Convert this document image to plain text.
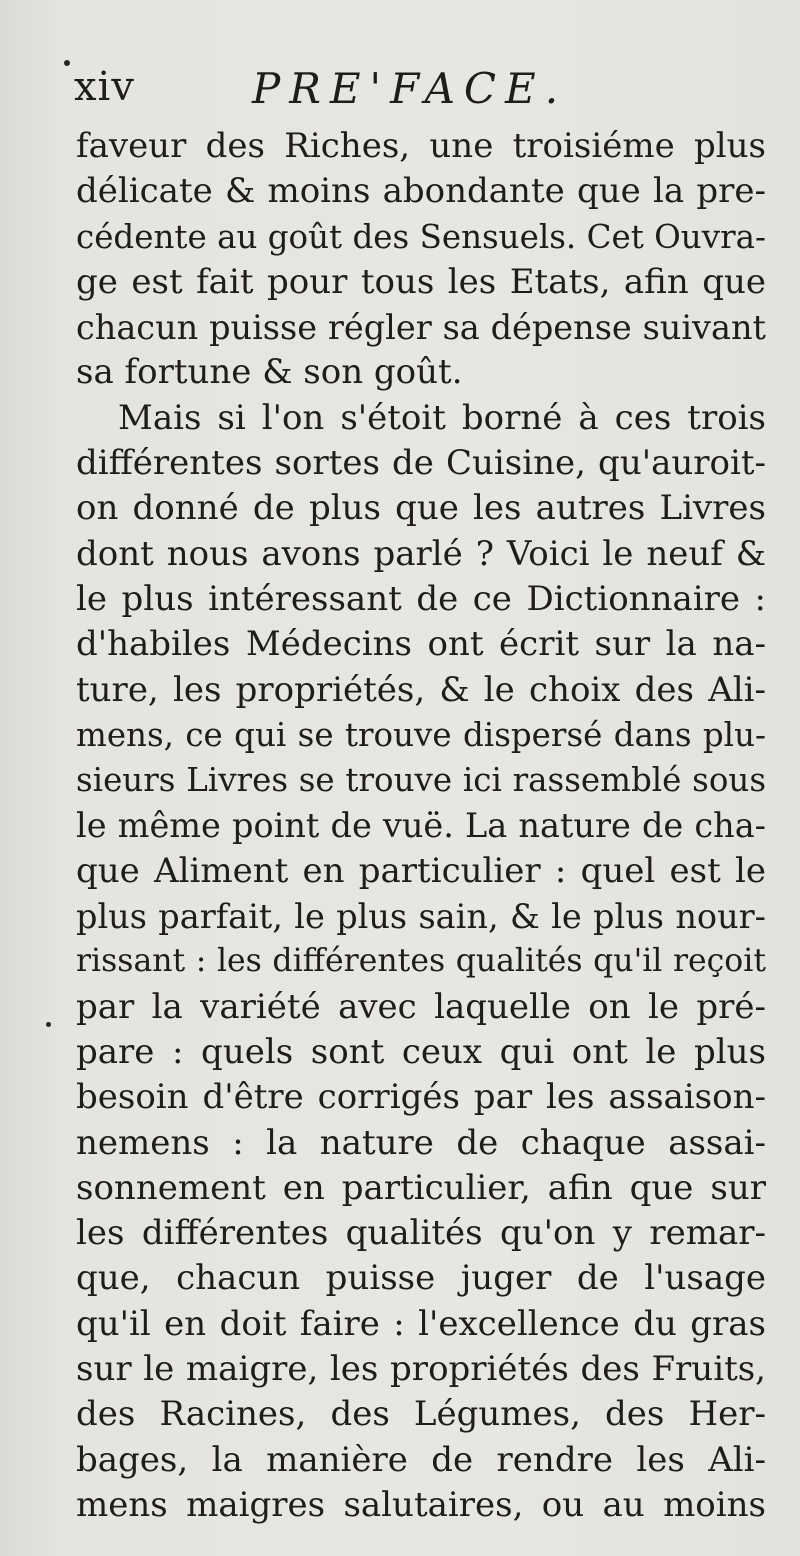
xiv	PRE'FACE.
faveur des Riches, une troisiéme plus
délicate & moins abondante que la pre-
cédente au goût des Sensuels. Cet Ouvra-
ge est fait pour tous les Etats, afin que
chacun puisse régler sa dépense suivant
sa fortune & son goût.
Mais si l'on s'étoit borné à ces trois
différentes sortes de Cuisine, qu'auroit-
on donné de plus que les autres Livres
dont nous avons parlé ? Voici le neuf &
le plus intéressant de ce Dictionnaire :
d'habiles Médecins ont écrit sur la na-
ture, les propriétés, & le choix des Ali-
mens, ce qui se trouve dispersé dans plu-
sieurs Livres se trouve ici rassemblé sous
le même point de vuë. La nature de cha-
que Aliment en particulier : quel est le
plus parfait, le plus sain, & le plus nour-
rissant : les différentes qualités qu'il reçoit
par la variété avec laquelle on le pré-
pare : quels sont ceux qui ont le plus
besoin d'être corrigés par les assaison-
nemens : la nature de chaque assai-
sonnement en particulier, afin que sur
les différentes qualités qu'on y remar-
que, chacun puisse juger de l'usage
qu'il en doit faire : l'excellence du gras
sur le maigre, les propriétés des Fruits,
des Racines, des Légumes, des Her-
bages, la manière de rendre les Ali-
mens maigres salutaires, ou au moins
